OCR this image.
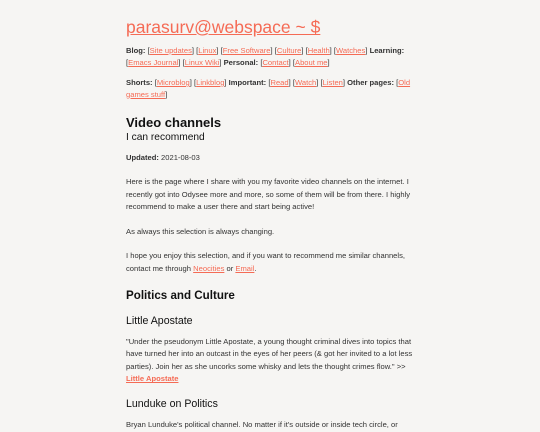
parasurv@webspace ~ $
Blog: [Site updates] [Linux] [Free Software] [Culture] [Health] [Watches] Learning: [Emacs Journal] [Linux Wiki] Personal: [Contact] [About me]
Shorts: [Microblog] [Linkblog] Important: [Read] [Watch] [Listen] Other pages: [Old games stuff]
Video channels
I can recommend
Updated: 2021-08-03

Here is the page where I share with you my favorite video channels on the internet. I recently got into Odysee more and more, so some of them will be from there. I highly recommend to make a user there and start being active!

As always this selection is always changing.

I hope you enjoy this selection, and if you want to recommend me similar channels, contact me through Neocities or Email.

Politics and Culture
Little Apostate

"Under the pseudonym Little Apostate, a young thought criminal dives into topics that have turned her into an outcast in the eyes of her peers (& got her invited to a lot less parties). Join her as she uncorks some whisky and lets the thought crimes flow." >> Little Apostate

Lunduke on Politics

Bryan Lunduke's political channel. No matter if it's outside or inside tech circle, or
